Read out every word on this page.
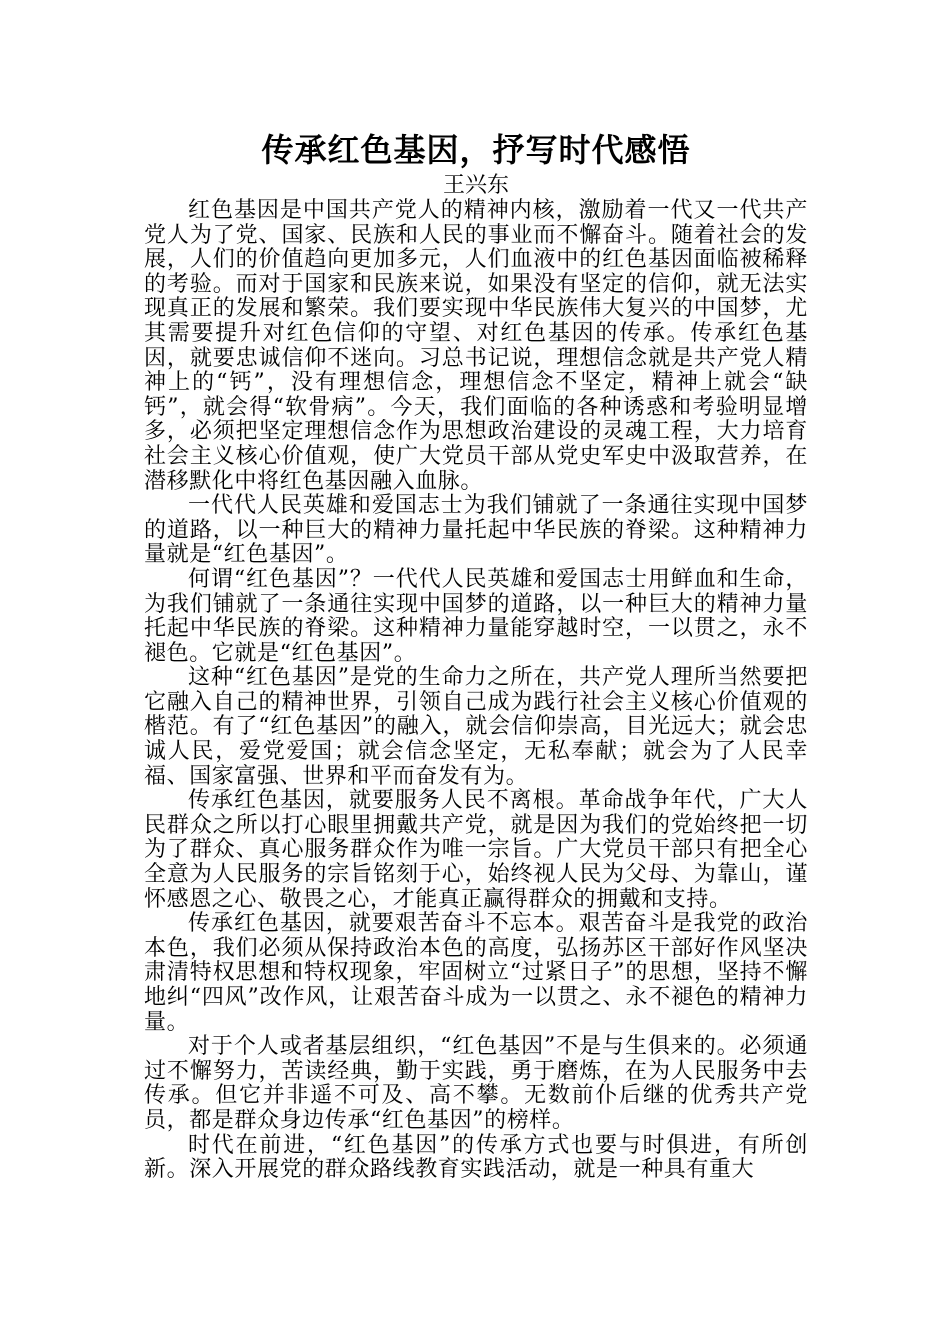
传承红色基因，抒写时代感悟
王兴东

红色基因是中国共产党人的精神内核，激励着一代又一代共产党人为了党、国家、民族和人民的事业而不懈奋斗。随着社会的发展，人们的价值趋向更加多元，人们血液中的红色基因面临被稀释的考验。而对于国家和民族来说，如果没有坚定的信仰，就无法实现真正的发展和繁荣。我们要实现中华民族伟大复兴的中国梦，尤其需要提升对红色信仰的守望、对红色基因的传承。传承红色基因，就要忠诚信仰不迷向。习总书记说，理想信念就是共产党人精神上的“钙”，没有理想信念，理想信念不坚定，精神上就会“缺钙”，就会得“软骨病”。今天，我们面临的各种诱惑和考验明显增多，必须把坚定理想信念作为思想政治建设的灵魂工程，大力培育社会主义核心价值观，使广大党员干部从党史军史中汲取营养，在潜移默化中将红色基因融入血脉。

一代代人民英雄和爱国志士为我们铺就了一条通往实现中国梦的道路，以一种巨大的精神力量托起中华民族的脊梁。这种精神力量就是“红色基因”。

何谓“红色基因”？一代代人民英雄和爱国志士用鲜血和生命，为我们铺就了一条通往实现中国梦的道路，以一种巨大的精神力量托起中华民族的脊梁。这种精神力量能穿越时空，一以贯之，永不褪色。它就是“红色基因”。

这种“红色基因”是党的生命力之所在，共产党人理所当然要把它融入自己的精神世界，引领自己成为践行社会主义核心价值观的楷范。有了“红色基因”的融入，就会信仰崇高，目光远大；就会忠诚人民，爱党爱国；就会信念坚定，无私奉献；就会为了人民幸福、国家富强、世界和平而奋发有为。

传承红色基因，就要服务人民不离根。革命战争年代，广大人民群众之所以打心眼里拥戴共产党，就是因为我们的党始终把一切为了群众、真心服务群众作为唯一宗旨。广大党员干部只有把全心全意为人民服务的宗旨铭刻于心，始终视人民为父母、为靠山，谨怀感恩之心、敬畏之心，才能真正赢得群众的拥戴和支持。

传承红色基因，就要艰苦奋斗不忘本。艰苦奋斗是我党的政治本色，我们必须从保持政治本色的高度，弘扬苏区干部好作风坚决肃清特权思想和特权现象，牢固树立“过紧日子”的思想，坚持不懈地纠“四风”改作风，让艰苦奋斗成为一以贯之、永不褪色的精神力量。

对于个人或者基层组织，“红色基因”不是与生俱来的。必须通过不懈努力，苦读经典，勤于实践，勇于磨炼，在为人民服务中去传承。但它并非遥不可及、高不攀。无数前仆后继的优秀共产党员，都是群众身边传承“红色基因”的榜样。

时代在前进，“红色基因”的传承方式也要与时俱进，有所创新。深入开展党的群众路线教育实践活动，就是一种具有重大
